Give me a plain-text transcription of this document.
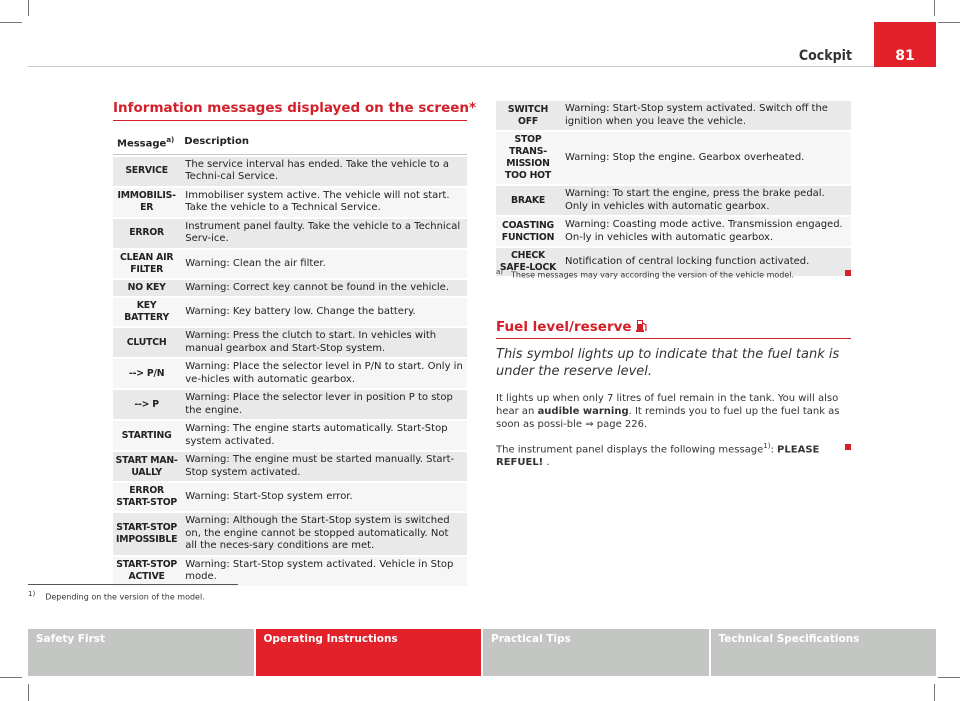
Cockpit	81
Information messages displayed on the screen*
Message$^{a)}$	Description
SERVICE	The service interval has ended. Take the vehicle to a Techni-cal Service.
IMMOBILIS-ER	Immobiliser system active. The vehicle will not start. Take the vehicle to a Technical Service.
ERROR	Instrument panel faulty. Take the vehicle to a Technical Serv-ice.
CLEAN AIR FILTER	Warning: Clean the air filter.
NO KEY	Warning: Correct key cannot be found in the vehicle.
KEY BATTERY	Warning: Key battery low. Change the battery.
CLUTCH	Warning: Press the clutch to start. In vehicles with manual gearbox and Start-Stop system.
--> P/N	Warning: Place the selector level in P/N to start. Only in ve-hicles with automatic gearbox.
--> P	Warning: Place the selector lever in position P to stop the engine.
STARTING	Warning: The engine starts automatically. Start-Stop system activated.
START MAN-UALLY	Warning: The engine must be started manually. Start-Stop system activated.
ERROR START-STOP	Warning: Start-Stop system error.
START-STOP IMPOSSIBLE	Warning: Although the Start-Stop system is switched on, the engine cannot be stopped automatically. Not all the neces-sary conditions are met.
START-STOP ACTIVE	Warning: Start-Stop system activated. Vehicle in Stop mode.
SWITCH OFF	Warning: Start-Stop system activated. Switch off the ignition when you leave the vehicle.
STOP TRANS-MISSION TOO HOT	Warning: Stop the engine. Gearbox overheated.
BRAKE	Warning: To start the engine, press the brake pedal. Only in vehicles with automatic gearbox.
COASTING FUNCTION	Warning: Coasting mode active. Transmission engaged. On-ly in vehicles with automatic gearbox.
CHECK SAFE-LOCK	Notification of central locking function activated.
$^{a)}$ These messages may vary according the version of the vehicle model.
Fuel level/reserve
This symbol lights up to indicate that the fuel tank is under the reserve level.
It lights up when only 7 litres of fuel remain in the tank. You will also hear an audible warning. It reminds you to fuel up the fuel tank as soon as possi-ble ⇒ page 226.
The instrument panel displays the following message$^{1)}$: PLEASE REFUEL! .
$^{1)}$ Depending on the version of the model.
Safety First	Operating Instructions	Practical Tips	Technical Specifications
